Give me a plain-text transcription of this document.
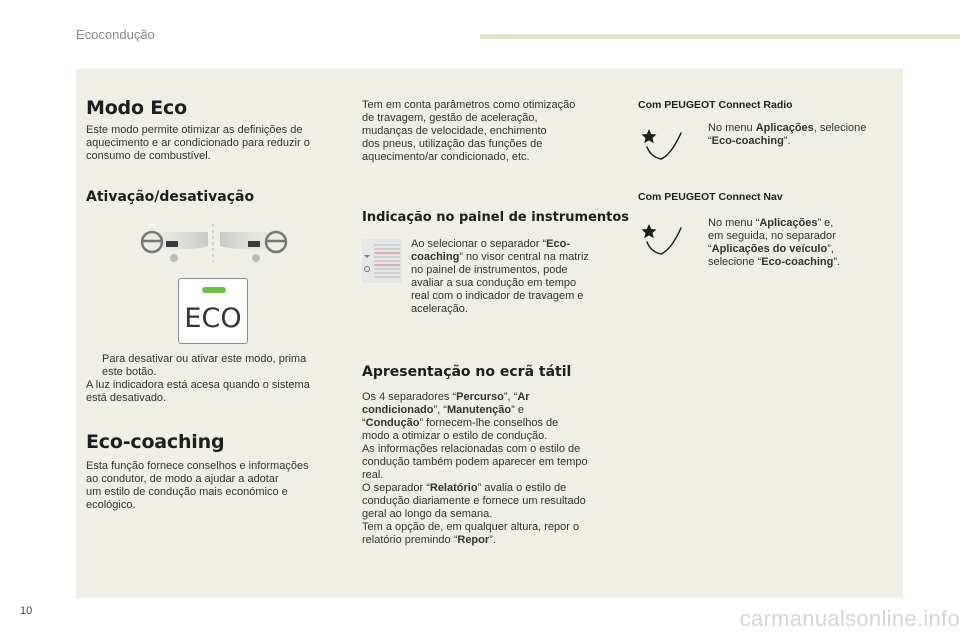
Ecocondução
Modo Eco
Este modo permite otimizar as definições de
aquecimento e ar condicionado para reduzir o
consumo de combustível.
Ativação/desativação
ECO
Para desativar ou ativar este modo, prima
este botão.
A luz indicadora está acesa quando o sistema
está desativado.
Eco-coaching
Esta função fornece conselhos e informações
ao condutor, de modo a ajudar a adotar
um estilo de condução mais económico e
ecológico.
Tem em conta parâmetros como otimização
de travagem, gestão de aceleração,
mudanças de velocidade, enchimento
dos pneus, utilização das funções de
aquecimento/ar condicionado, etc.
Indicação no painel de instrumentos
Ao selecionar o separador “Eco-
coaching” no visor central na matriz
no painel de instrumentos, pode
avaliar a sua condução em tempo
real com o indicador de travagem e
aceleração.
Apresentação no ecrã tátil
Os 4 separadores “Percurso”, “Ar
condicionado”, “Manutenção” e
“Condução” fornecem-lhe conselhos de
modo a otimizar o estilo de condução.
As informações relacionadas com o estilo de
condução também podem aparecer em tempo
real.
O separador “Relatório” avalia o estilo de
condução diariamente e fornece um resultado
geral ao longo da semana.
Tem a opção de, em qualquer altura, repor o
relatório premindo “Repor”.
Com PEUGEOT Connect Radio
No menu Aplicações, selecione
“Eco-coaching”.
Com PEUGEOT Connect Nav
No menu “Aplicações” e,
em seguida, no separador
“Aplicações do veículo”,
selecione “Eco-coaching”.
10	carmanualsonline.info
